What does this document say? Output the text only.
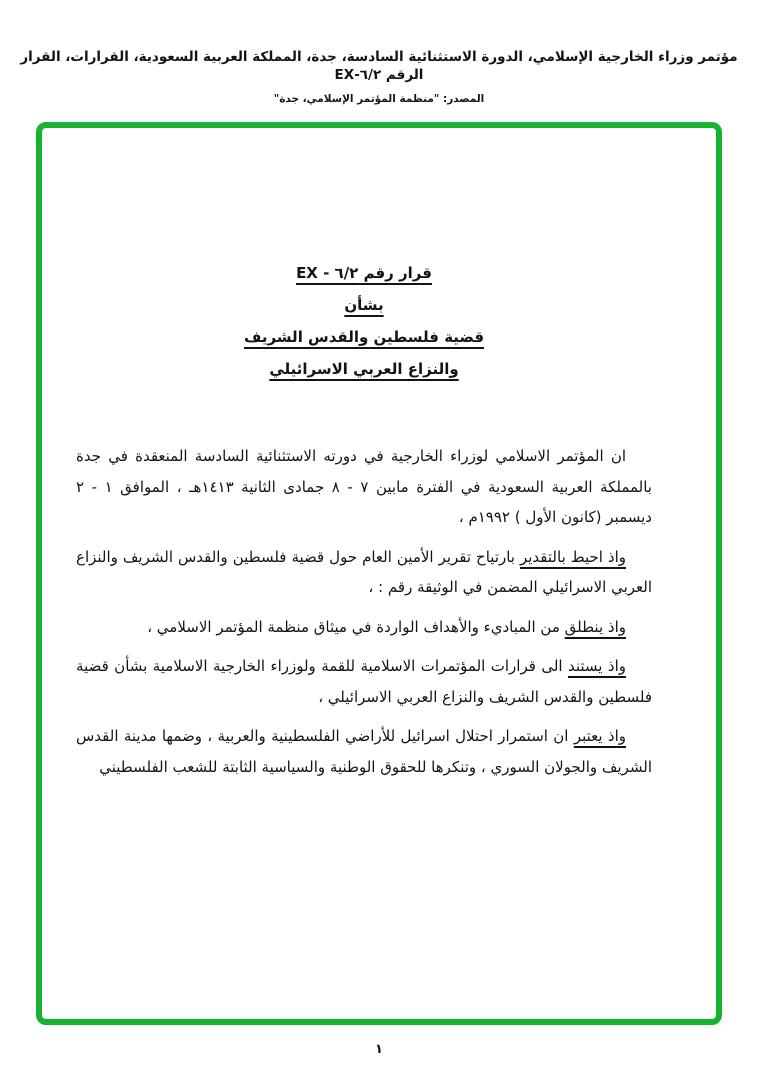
مؤتمر وزراء الخارجية الإسلامي، الدورة الاستثنائية السادسة، جدة، المملكة العربية السعودية، القرارات، القرار الرقم ٦/٢-EX
المصدر: "منظمة المؤتمر الإسلامي، جدة"
قرار رقم ٦/٢ - EX
بشأن
قضية فلسطين والقدس الشريف
والنزاع العربي الاسرائيلي

ان المؤتمر الاسلامي لوزراء الخارجية في دورته الاستثنائية السادسة المنعقدة في جدة بالمملكة العربية السعودية في الفترة مابين ٧ - ٨ جمادى الثانية ١٤١٣هـ ، الموافق ١ - ٢ ديسمبر (كانون الأول ) ١٩٩٢م ،

واذ احيط بالتقدير بارتياح تقرير الأمين العام حول قضية فلسطين والقدس الشريف والنزاع العربي الاسرائيلي المضمن في الوثيقة رقم : ،

واذ ينطلق من المباديء والأهداف الواردة في ميثاق منظمة المؤتمر الاسلامي ،

واذ يستند الى قرارات المؤتمرات الاسلامية للقمة ولوزراء الخارجية الاسلامية بشأن قضية فلسطين والقدس الشريف والنزاع العربي الاسرائيلي ،

واذ يعتبر ان استمرار احتلال اسرائيل للأراضي الفلسطينية والعربية ، وضمها مدينة القدس الشريف والجولان السوري ، وتنكرها للحقوق الوطنية والسياسية الثابتة للشعب الفلسطيني

١
